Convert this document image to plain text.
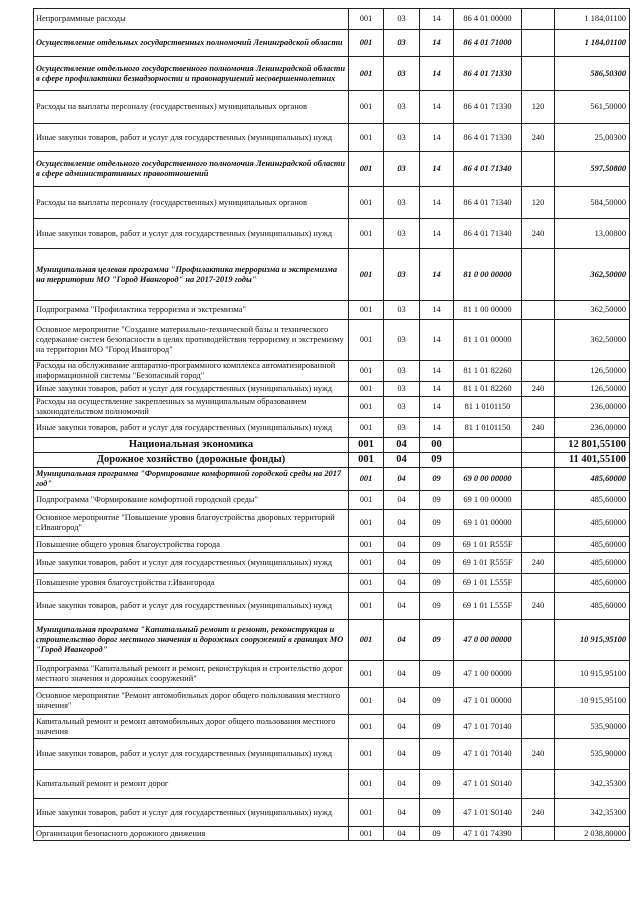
Непрограммные расходы	001	03	14	86 4 01 00000		1 184,01100
Осуществление отдельных государственных полномочий Ленинградской области	001	03	14	86 4 01 71000		1 184,01100
Осуществление отдельного государственного полномочия Ленинградской области в сфере профилактики безнадзорности и правонарушений несовершеннолетних	001	03	14	86 4 01 71330		586,50300
Расходы на выплаты персоналу (государственных) муниципальных органов	001	03	14	86 4 01 71330	120	561,50000
Иные закупки товаров, работ и услуг для государственных (муниципальных) нужд	001	03	14	86 4 01 71330	240	25,00300
Осуществление отдельного государственного полномочия Ленинградской области в сфере административных правоотношений	001	03	14	86 4 01 71340		597,50800
Расходы на выплаты персоналу (государственных) муниципальных органов	001	03	14	86 4 01 71340	120	584,50000
Иные закупки товаров, работ и услуг для государственных (муниципальных) нужд	001	03	14	86 4 01 71340	240	13,00800
Муниципальная целевая программа "Профилактика терроризма и экстремизма на территории МО "Город Ивангород" на 2017-2019 годы"	001	03	14	81 0 00 00000		362,50000
Подпрограмма "Профилактика терроризма и экстремизма"	001	03	14	81 1 00 00000		362,50000
Основное мероприятие "Создание материально-технической базы и технического содержание систем безопасности в целях противодействия терроризму и экстремизму на территории МО "Город Ивангород"	001	03	14	81 1 01 00000		362,50000
Расходы на обслуживание аппаратно-программного комплекса автоматизированной информационной системы "Безопасный город"	001	03	14	81 1 01 82260		126,50000
Иные закупки товаров, работ и услуг для государственных (муниципальных) нужд	001	03	14	81 1 01 82260	240	126,50000
Расходы на осуществление закрепленных за муниципальным образованием законодательством полномочий	001	03	14	81 1 0101150		236,00000
Иные закупки товаров, работ и услуг для государственных (муниципальных) нужд	001	03	14	81 1 0101150	240	236,00000
Национальная экономика	001	04	00			12 801,55100
Дорожное хозяйство (дорожные фонды)	001	04	09			11 401,55100
Муниципальная программа "Формирование комфортной городской среды на 2017 год"	001	04	09	69 0 00 00000		485,60000
Подпрограмма "Формирование комфортной городской среды"	001	04	09	69 1 00 00000		485,60000
Основное мероприятие "Повышение уровня благоустройства дворовых территорий г.Ивангород"	001	04	09	69 1 01 00000		485,60000
Повышение общего уровня благоустройства города	001	04	09	69 1 01 R555F		485,60000
Иные закупки товаров, работ и услуг для государственных (муниципальных) нужд	001	04	09	69 1 01 R555F	240	485,60000
Повышение уровня благоустройства г.Ивангорода	001	04	09	69 1 01 L555F		485,60000
Иные закупки товаров, работ и услуг для государственных (муниципальных) нужд	001	04	09	69 1 01 L555F	240	485,60000
Муниципальная программа "Капитальный ремонт и ремонт, реконструкция и строительство дорог местного значения и дорожных сооружений в границах МО "Город Ивангород"	001	04	09	47 0 00 00000		10 915,95100
Подпрограмма "Капитальный ремонт и ремонт, реконструкция и строительство дорог местного значения и дорожных сооружений"	001	04	09	47 1 00 00000		10 915,95100
Основное мероприятие "Ремонт автомобильных дорог общего пользования местного значения"	001	04	09	47 1 01 00000		10 915,95100
Капитальный ремонт и ремонт автомобильных дорог общего пользования местного значения	001	04	09	47 1 01 70140		535,90000
Иные закупки товаров, работ и услуг для государственных (муниципальных) нужд	001	04	09	47 1 01 70140	240	535,90000
Капитальный ремонт и ремонт дорог	001	04	09	47 1 01 S0140		342,35300
Иные закупки товаров, работ и услуг для государственных (муниципальных) нужд	001	04	09	47 1 01 S0140	240	342,35300
Организация безопасного дорожного движения	001	04	09	47 1 01 74390		2 038,80000
